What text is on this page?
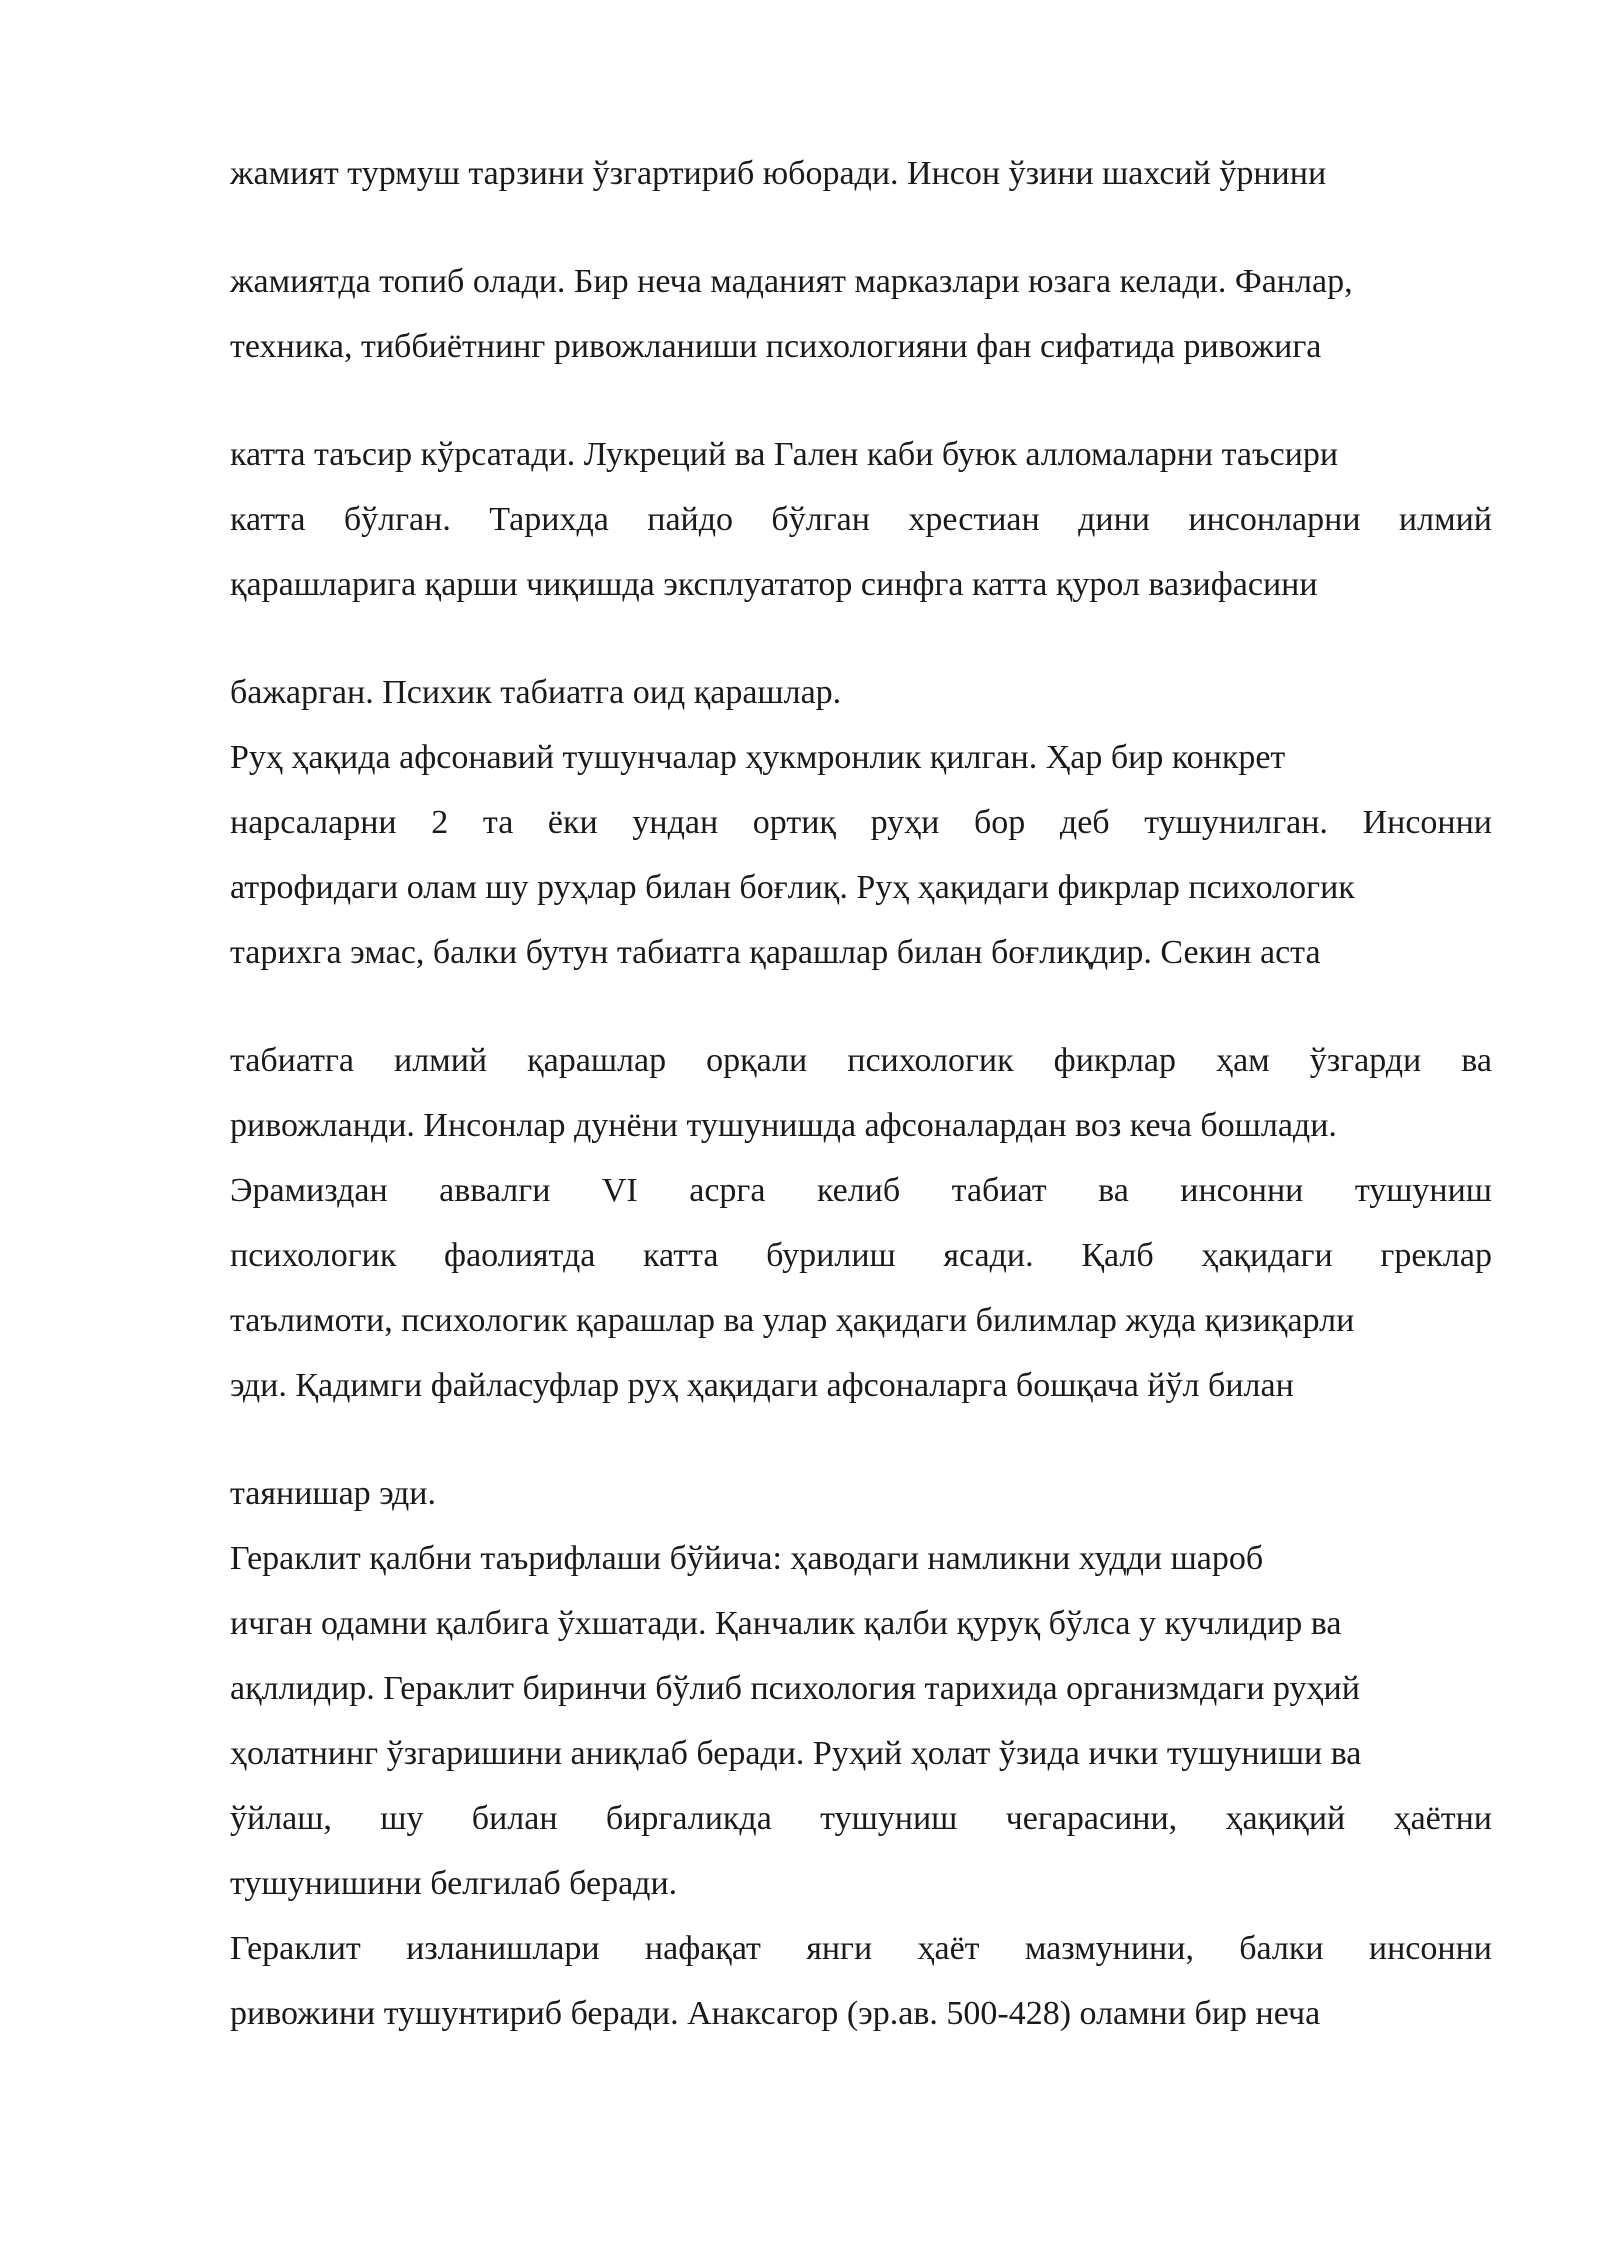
жамият турмуш тарзини ўзгартириб юборади. Инсон ўзини шахсий ўрнини
жамиятда топиб олади. Бир неча маданият марказлари юзага келади. Фанлар,
техника, тиббиётнинг ривожланиши психологияни фан сифатида ривожига
катта таъсир кўрсатади. Лукреций ва Гален каби буюк алломаларни таъсири
катта бўлган. Тарихда пайдо бўлган хрестиан дини инсонларни илмий
қарашларига қарши чиқишда эксплуататор синфга катта қурол вазифасини
бажарган. Психик табиатга оид қарашлар.
Руҳ ҳақида афсонавий тушунчалар ҳукмронлик қилган. Ҳар бир конкрет
нарсаларни 2 та ёки ундан ортиқ руҳи бор деб тушунилган. Инсонни
атрофидаги олам шу руҳлар билан боғлиқ. Руҳ ҳақидаги фикрлар психологик
тарихга эмас, балки бутун табиатга қарашлар билан боғлиқдир. Секин аста
табиатга илмий қарашлар орқали психологик фикрлар ҳам ўзгарди ва
ривожланди. Инсонлар дунёни тушунишда афсоналардан воз кеча бошлади.
Эрамиздан аввалги VI асрга келиб табиат ва инсонни тушуниш
психологик фаолиятда катта бурилиш ясади. Қалб ҳақидаги греклар
таълимоти, психологик қарашлар ва улар ҳақидаги билимлар жуда қизиқарли
эди. Қадимги файласуфлар руҳ ҳақидаги афсоналарга бошқача йўл билан
таянишар эди.
Гераклит қалбни таърифлаши бўйича: ҳаводаги намликни худди шароб
ичган одамни қалбига ўхшатади. Қанчалик қалби қуруқ бўлса у кучлидир ва
ақллидир. Гераклит биринчи бўлиб психология тарихида организмдаги руҳий
ҳолатнинг ўзгаришини аниқлаб беради. Руҳий ҳолат ўзида ички тушуниши ва
ўйлаш, шу билан биргаликда тушуниш чегарасини, ҳақиқий ҳаётни
тушунишини белгилаб беради.
Гераклит изланишлари нафақат янги ҳаёт мазмунини, балки инсонни
ривожини тушунтириб беради. Анаксагор (эр.ав. 500-428) оламни бир неча
